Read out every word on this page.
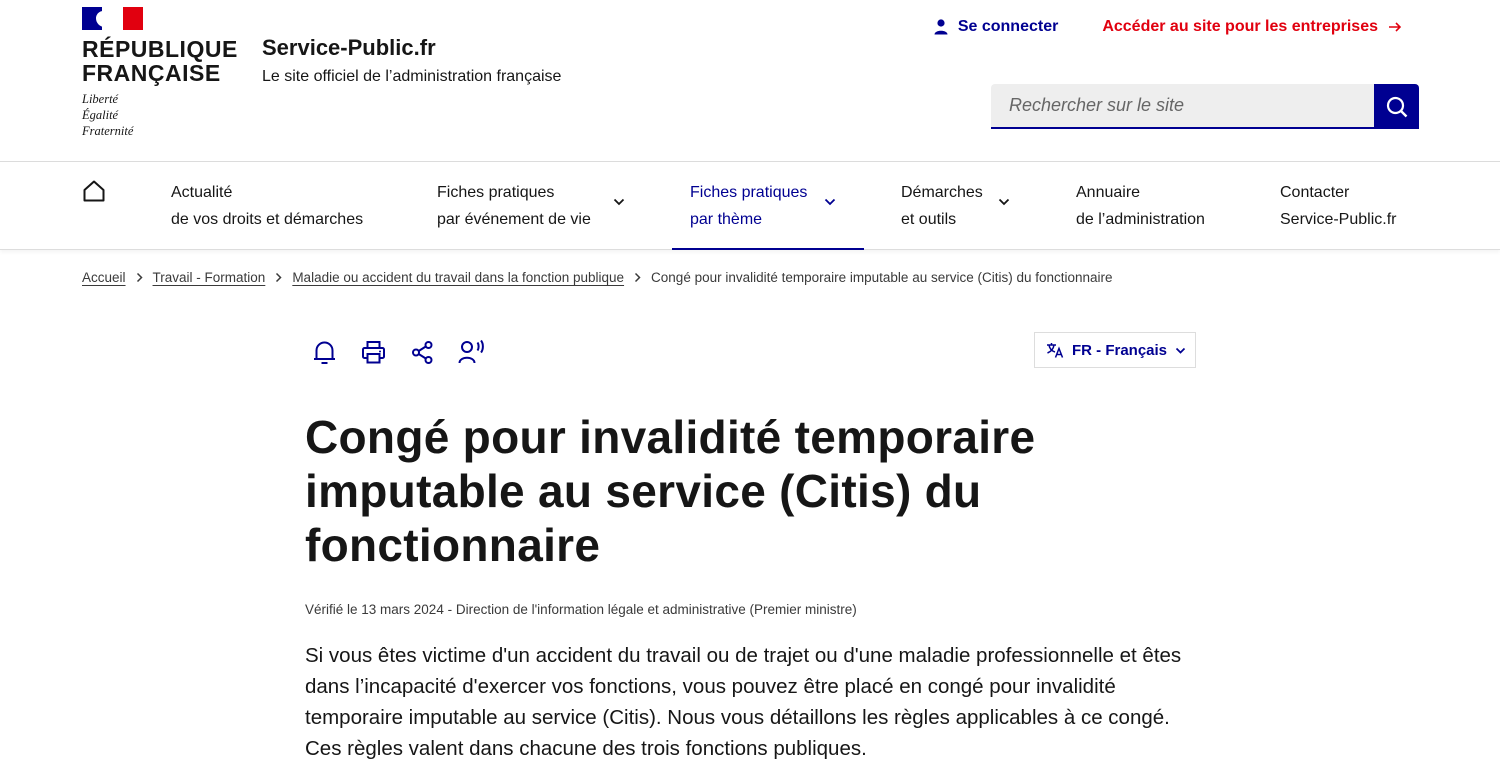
RÉPUBLIQUE
FRANÇAISE
Liberté
Égalité
Fraternité
Service-Public.fr
Le site officiel de l’administration française
Se connecter	Accéder au site pour les entreprises
Rechercher sur le site
Actualité
de vos droits et démarches
Fiches pratiques
par événement de vie
Fiches pratiques
par thème
Démarches
et outils
Annuaire
de l’administration
Contacter
Service-Public.fr
Accueil Travail - Formation Maladie ou accident du travail dans la fonction publique Congé pour invalidité temporaire imputable au service (Citis) du fonctionnaire
FR - Français
Congé pour invalidité temporaire imputable au service (Citis) du fonctionnaire
Vérifié le 13 mars 2024 - Direction de l'information légale et administrative (Premier ministre)

Si vous êtes victime d'un accident du travail ou de trajet ou d'une maladie professionnelle et êtes dans l’incapacité d'exercer vos fonctions, vous pouvez être placé en congé pour invalidité temporaire imputable au service (Citis). Nous vous détaillons les règles applicables à ce congé. Ces règles valent dans chacune des trois fonctions publiques.
